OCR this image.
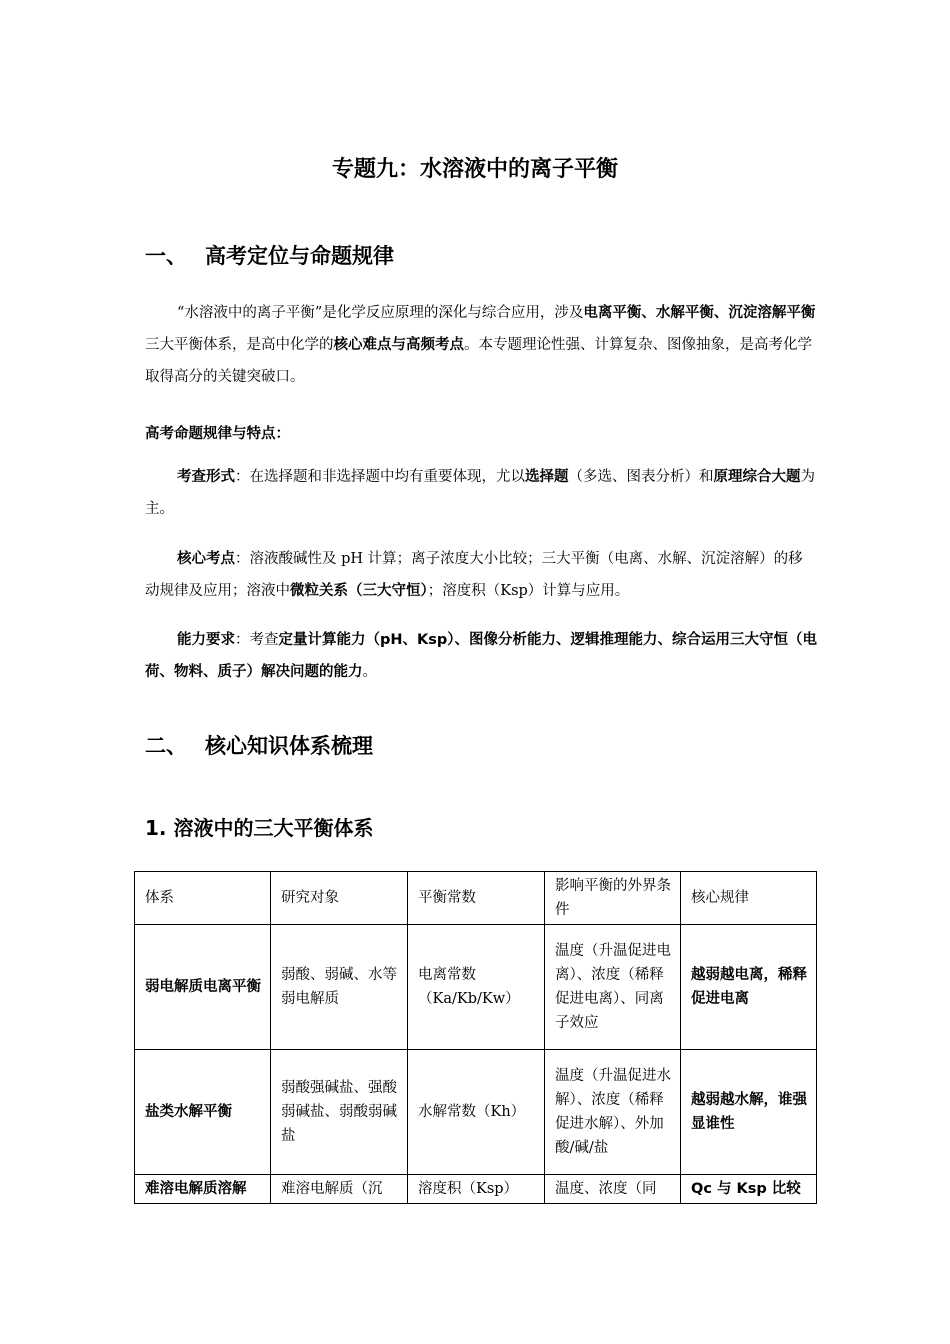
专题九：水溶液中的离子平衡
一、 高考定位与命题规律
“水溶液中的离子平衡”是化学反应原理的深化与综合应用，涉及电离平衡、水解平衡、沉淀溶解平衡三大平衡体系，是高中化学的核心难点与高频考点。本专题理论性强、计算复杂、图像抽象，是高考化学取得高分的关键突破口。
高考命题规律与特点：
考查形式：在选择题和非选择题中均有重要体现，尤以选择题（多选、图表分析）和原理综合大题为主。
核心考点：溶液酸碱性及 pH 计算；离子浓度大小比较；三大平衡（电离、水解、沉淀溶解）的移动规律及应用；溶液中微粒关系（三大守恒）；溶度积（Ksp）计算与应用。
能力要求：考查定量计算能力（pH、Ksp）、图像分析能力、逻辑推理能力、综合运用三大守恒（电荷、物料、质子）解决问题的能力。
二、 核心知识体系梳理
1. 溶液中的三大平衡体系
体系	研究对象	平衡常数	影响平衡的外界条件	核心规律
弱电解质电离平衡	弱酸、弱碱、水等弱电解质	电离常数（Ka/Kb/Kw）	温度（升温促进电离）、浓度（稀释促进电离）、同离子效应	越弱越电离，稀释促进电离
盐类水解平衡	弱酸强碱盐、强酸弱碱盐、弱酸弱碱盐	水解常数（Kh）	温度（升温促进水解）、浓度（稀释促进水解）、外加酸/碱/盐	越弱越水解，谁强显谁性
难溶电解质溶解	难溶电解质（沉	溶度积（Ksp）	温度、浓度（同	Qc 与 Ksp 比较
